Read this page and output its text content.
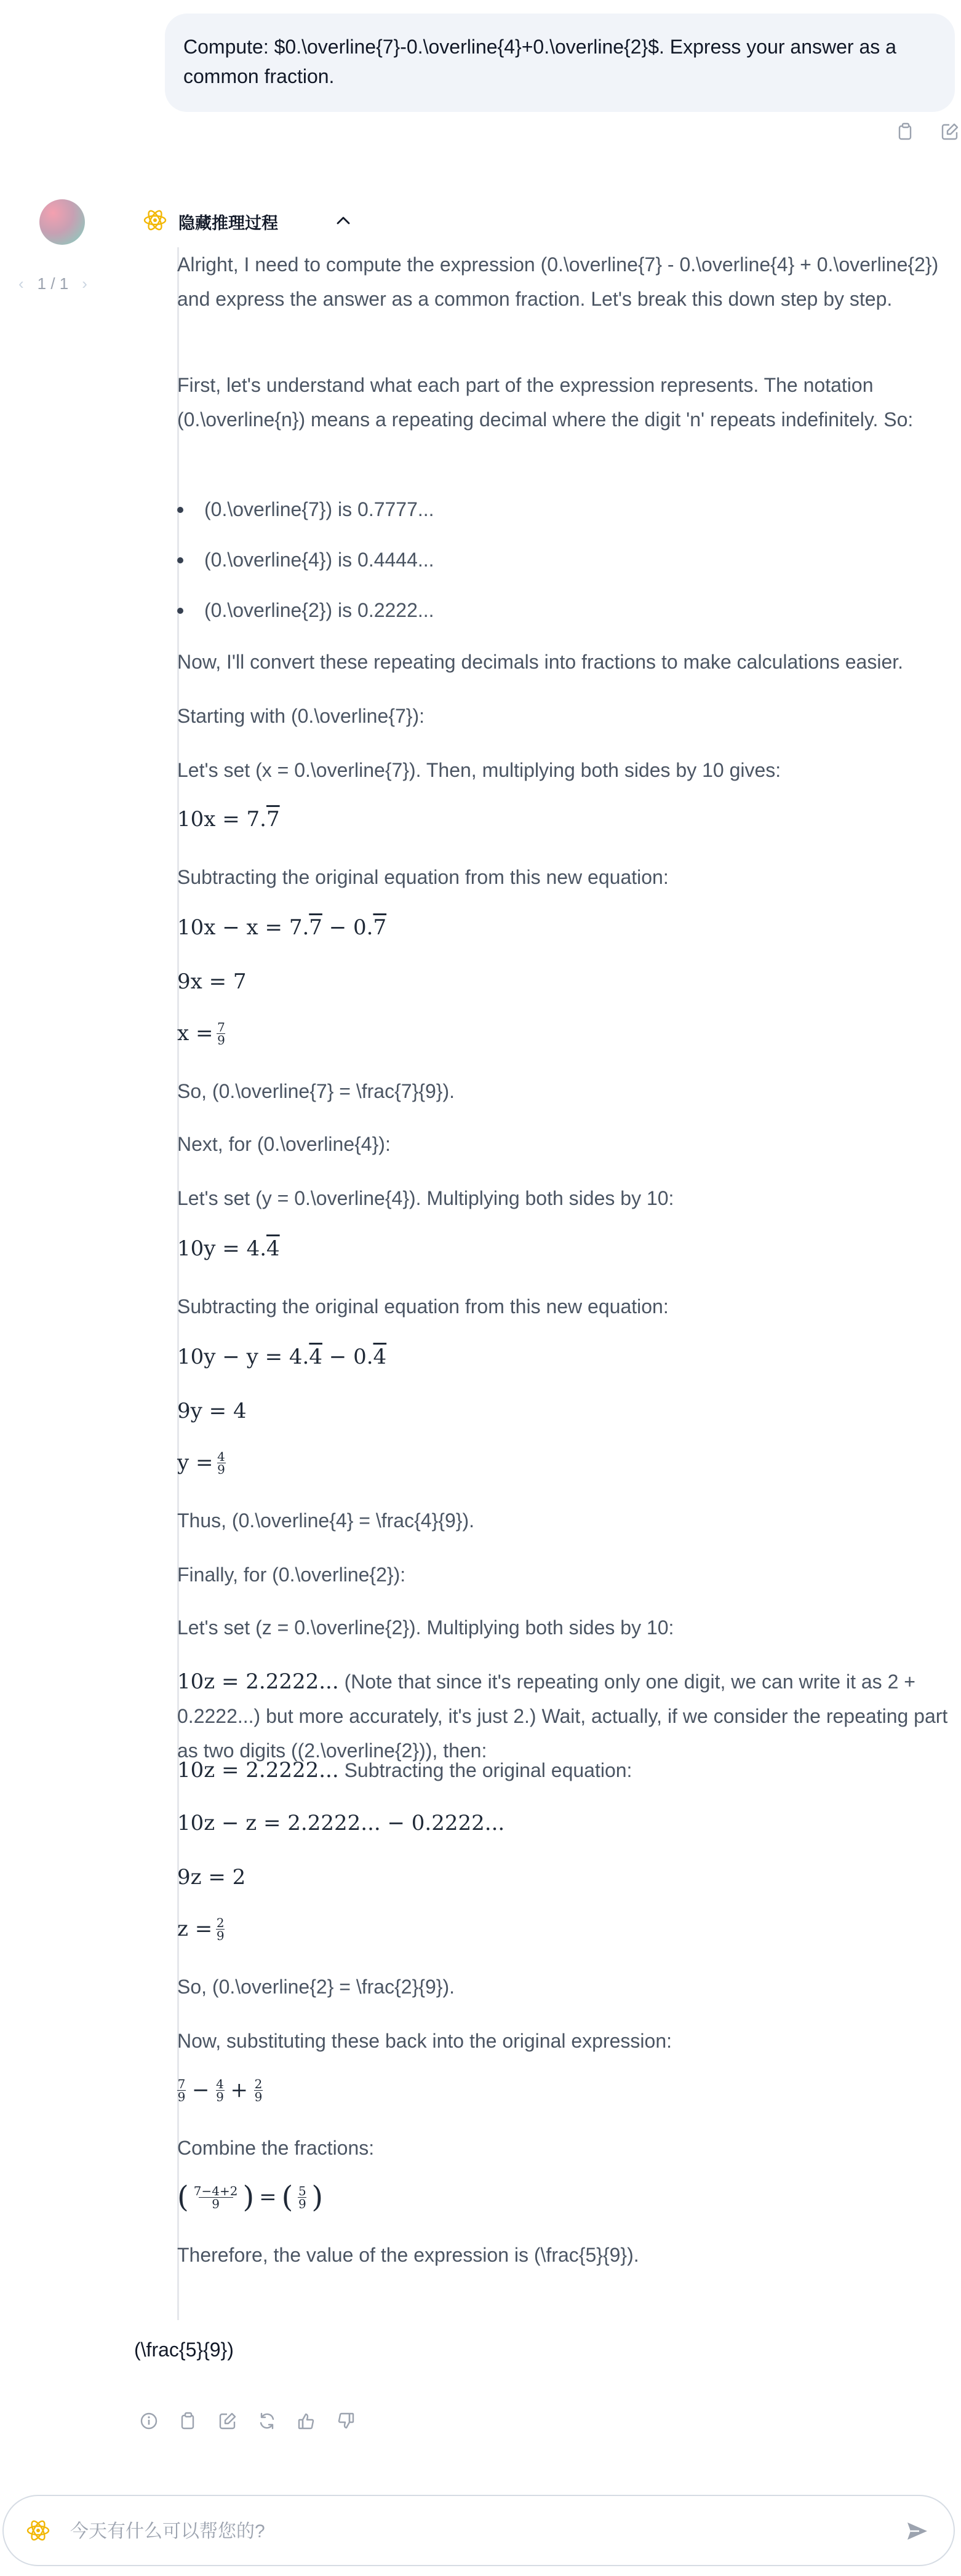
Compute: $0.\overline{7}-0.\overline{4}+0.\overline{2}$. Express your answer as a common fraction.
‹ 1 / 1 ›
隐藏推理过程
Alright, I need to compute the expression (0.\overline{7} - 0.\overline{4} + 0.\overline{2}) and express the answer as a common fraction. Let's break this down step by step.
First, let's understand what each part of the expression represents. The notation (0.\overline{n}) means a repeating decimal where the digit 'n' repeats indefinitely. So:
(0.\overline{7}) is 0.7777...
(0.\overline{4}) is 0.4444...
(0.\overline{2}) is 0.2222...
Now, I'll convert these repeating decimals into fractions to make calculations easier.
Starting with (0.\overline{7}):
Let's set (x = 0.\overline{7}). Then, multiplying both sides by 10 gives:
10x = 7.7
Subtracting the original equation from this new equation:
10x − x = 7.7 − 0.7
9x = 7
x = 7
9
So, (0.\overline{7} = \frac{7}{9}).
Next, for (0.\overline{4}):
Let's set (y = 0.\overline{4}). Multiplying both sides by 10:
10y = 4.4
Subtracting the original equation from this new equation:
10y − y = 4.4 − 0.4
9y = 4
y = 4
9
Thus, (0.\overline{4} = \frac{4}{9}).
Finally, for (0.\overline{2}):
Let's set (z = 0.\overline{2}). Multiplying both sides by 10:
10z = 2.2222... (Note that since it's repeating only one digit, we can write it as 2 + 0.2222...) but more accurately, it's just 2.) Wait, actually, if we consider the repeating part as two digits ((2.\overline{2})), then:
10z = 2.2222... Subtracting the original equation:
10z − z = 2.2222... − 0.2222...
9z = 2
z = 2
9
So, (0.\overline{2} = \frac{2}{9}).
Now, substituting these back into the original expression:
7
9 − 4
9 + 2
9
Combine the fractions:
( 7−4+2
9 ) = ( 5
9 )
Therefore, the value of the expression is (\frac{5}{9}).
(\frac{5}{9})
今天有什么可以帮您的?
